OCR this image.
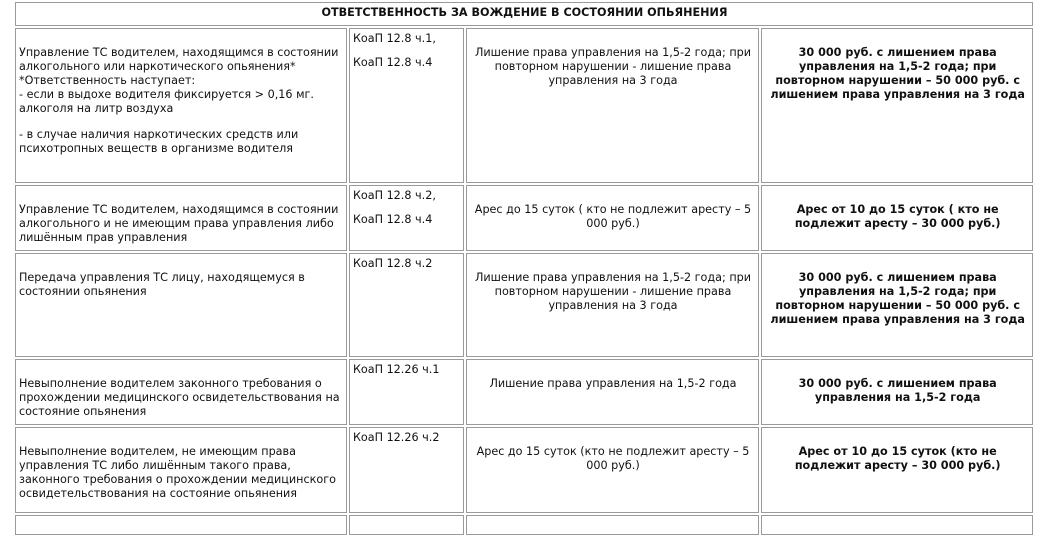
ОТВЕТСТВЕННОСТЬ ЗА ВОЖДЕНИЕ В СОСТОЯНИИ ОПЬЯНЕНИЯ			

Управление ТС водителем, находящимся в состоянии алкогольного или наркотического опьянения*
*Ответственность наступает:
- если в выдохе водителя фиксируется > 0,16 мг. алкоголя на литр воздуха
- в случае наличия наркотических средств или психотропных веществ в организме водителя	КоаП 12.8 ч.1,
КоаП 12.8 ч.4	Лишение права управления на 1,5-2 года; при повторном нарушении - лишение права управления на 3 года	30 000 руб. с лишением права управления на 1,5-2 года; при повторном нарушении – 50 000 руб. с лишением права управления на 3 года

Управление ТС водителем, находящимся в состоянии алкогольного и не имеющим права управления либо лишённым прав управления	КоаП 12.8 ч.2,
КоаП 12.8 ч.4	Арес до 15 суток ( кто не подлежит аресту – 5 000 руб.)	Арес от 10 до 15 суток ( кто не подлежит аресту – 30 000 руб.)

Передача управления ТС лицу, находящемуся в состоянии опьянения	КоаП 12.8 ч.2	Лишение права управления на 1,5-2 года; при повторном нарушении - лишение права управления на 3 года	30 000 руб. с лишением права управления на 1,5-2 года; при повторном нарушении – 50 000 руб. с лишением права управления на 3 года

Невыполнение водителем законного требования о прохождении медицинского освидетельствования на состояние опьянения	КоаП 12.26 ч.1	Лишение права управления на 1,5-2 года	30 000 руб. с лишением права управления на 1,5-2 года

Невыполнение водителем, не имеющим права управления ТС либо лишённым такого права, законного требования о прохождении медицинского освидетельствования на состояние опьянения	КоаП 12.26 ч.2	Арес до 15 суток (кто не подлежит аресту – 5 000 руб.)	Арес от 10 до 15 суток (кто не подлежит аресту – 30 000 руб.)
